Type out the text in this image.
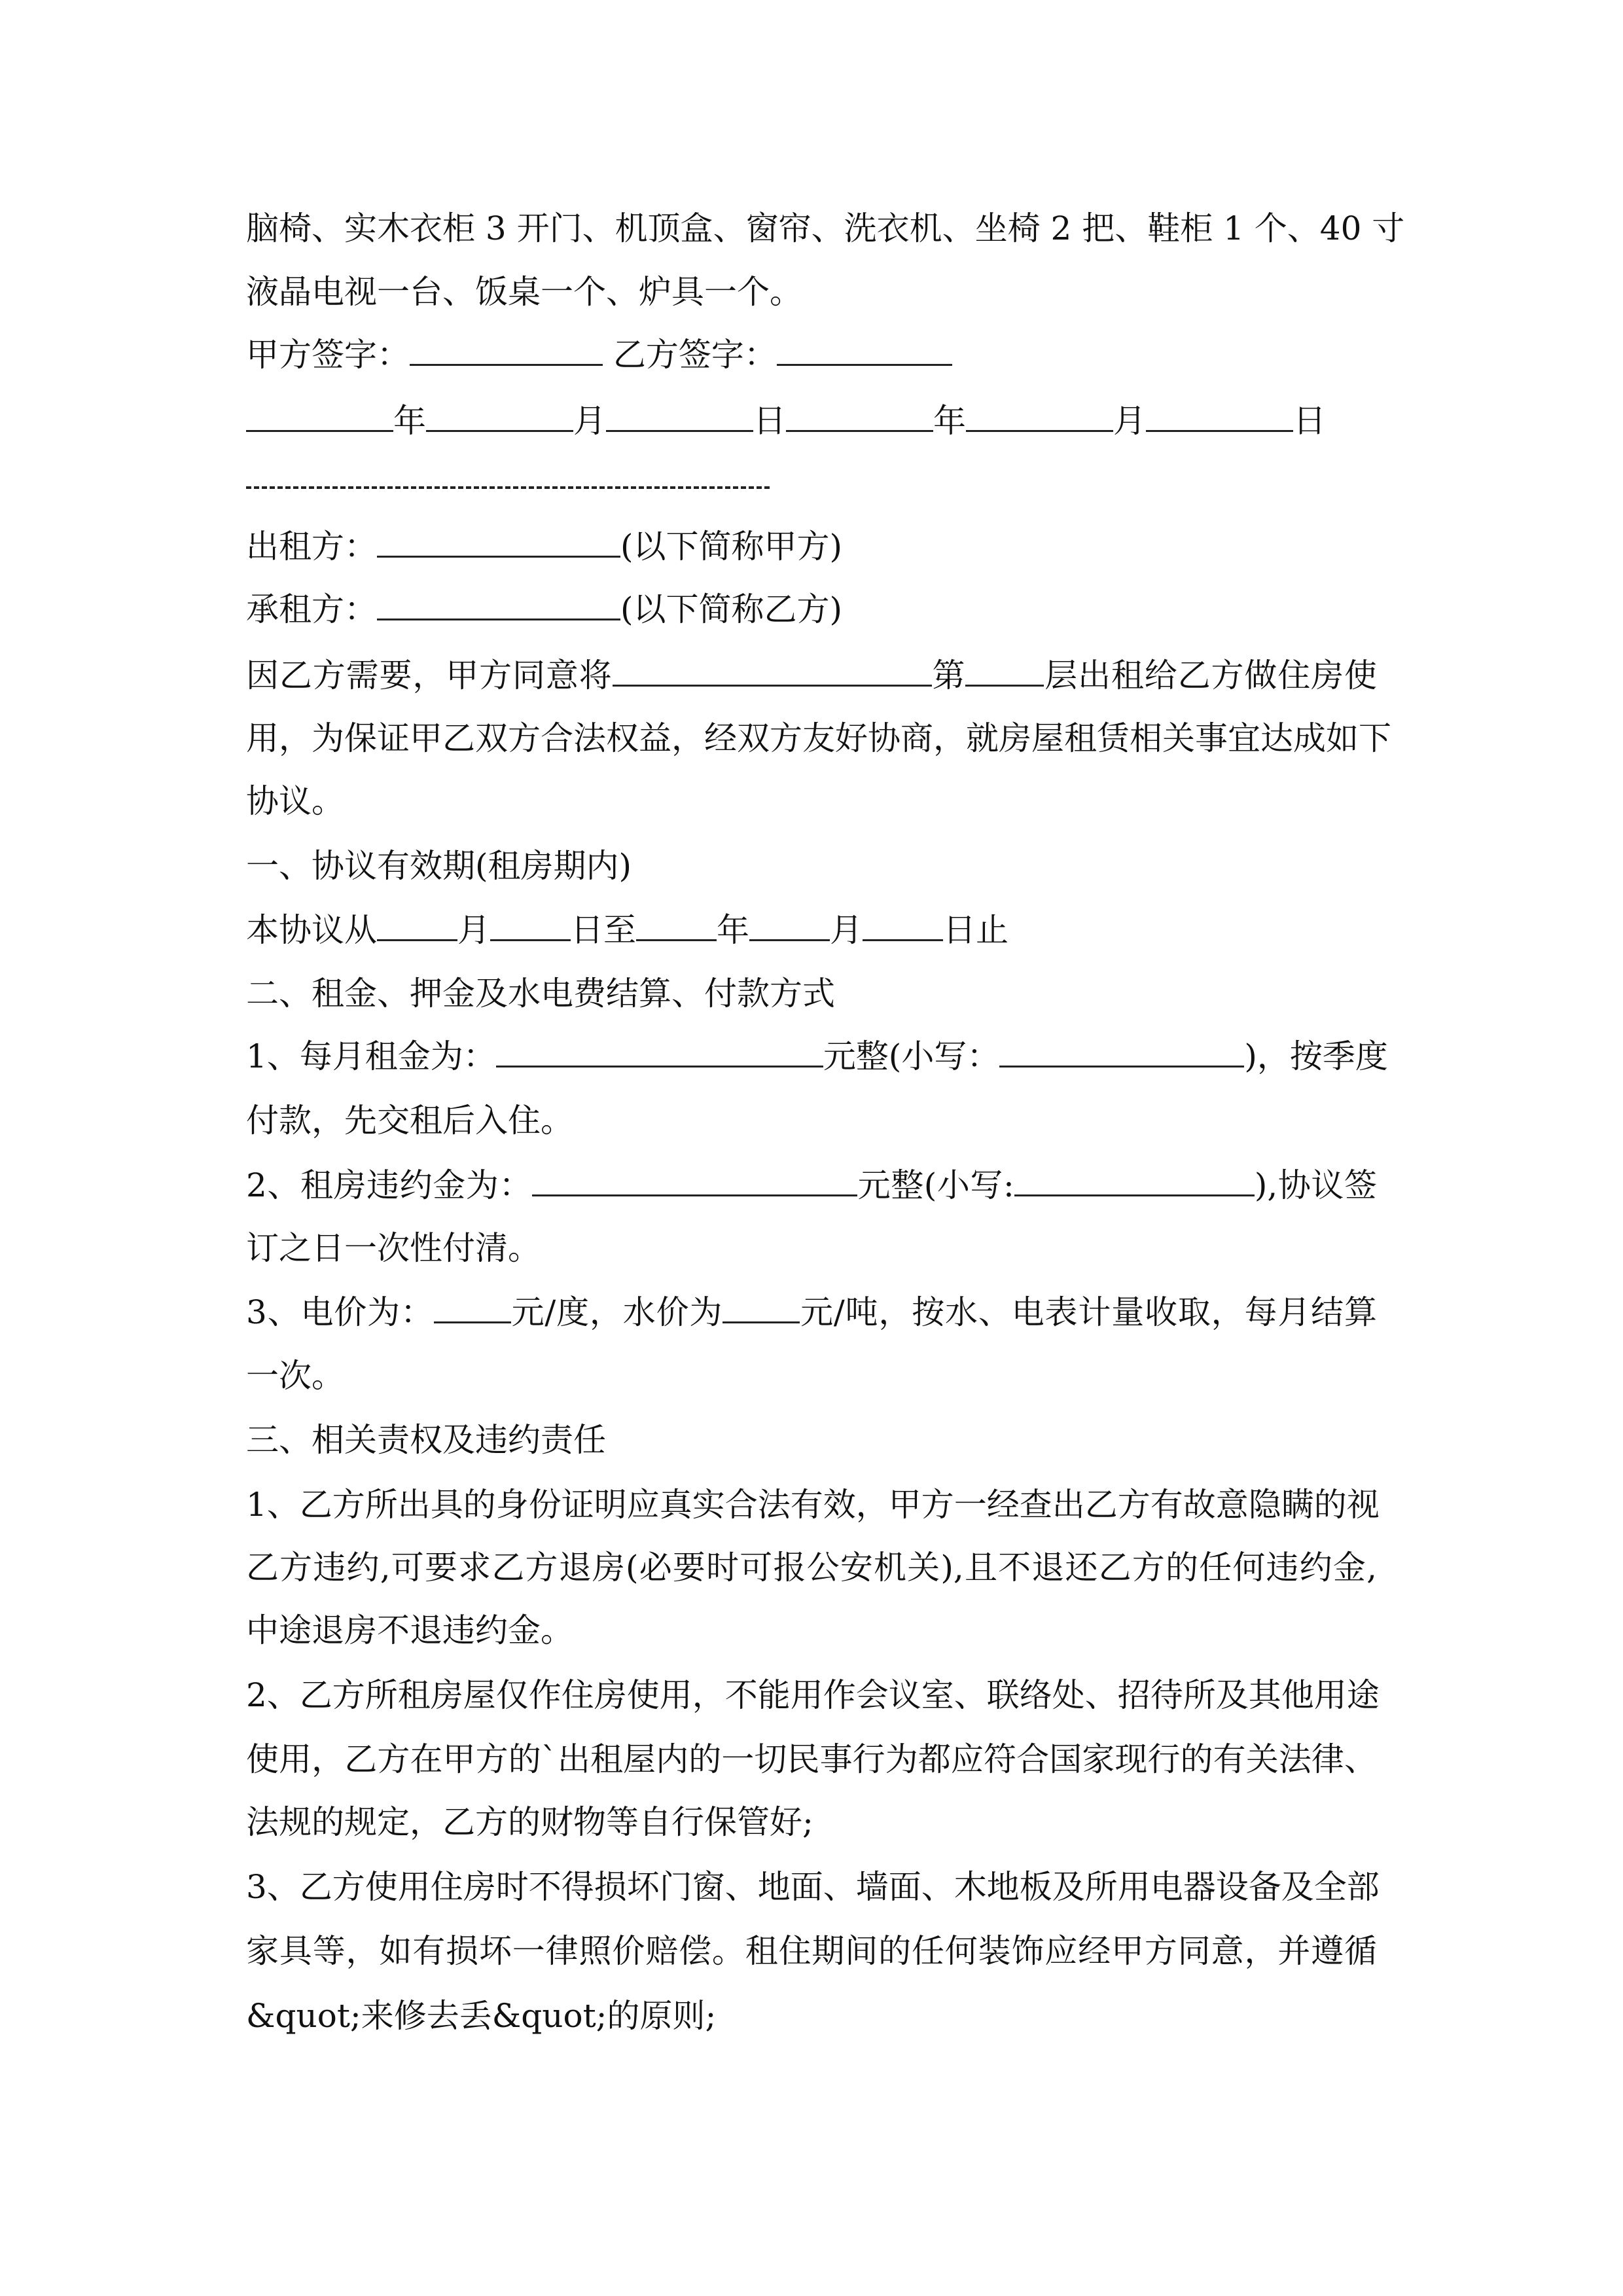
脑椅、实木衣柜 3 开门、机顶盒、窗帘、洗衣机、坐椅 2 把、鞋柜 1 个、40 寸
液晶电视一台、饭桌一个、炉具一个。
甲方签字：	乙方签字：
年	月	日	年	月	日
出租方：	(以下简称甲方)
承租方：	(以下简称乙方)
因乙方需要，甲方同意将	第 层出租给乙方做住房使
用，为保证甲乙双方合法权益，经双方友好协商，就房屋租赁相关事宜达成如下
协议。
一、协议有效期(租房期内)
本协议从 月 日至 年 月 日止
二、租金、押金及水电费结算、付款方式
1、每月租金为：	元整(小写：	)，按季度
付款，先交租后入住。
2、租房违约金为：	元整(小写:	),协议签
订之日一次性付清。
3、电价为： 元/度，水价为 元/吨，按水、电表计量收取，每月结算
一次。
三、相关责权及违约责任
1、乙方所出具的身份证明应真实合法有效，甲方一经查出乙方有故意隐瞒的视
乙方违约,可要求乙方退房(必要时可报公安机关),且不退还乙方的任何违约金,
中途退房不退违约金。
2、乙方所租房屋仅作住房使用，不能用作会议室、联络处、招待所及其他用途
使用，乙方在甲方的`出租屋内的一切民事行为都应符合国家现行的有关法律、
法规的规定，乙方的财物等自行保管好;
3、乙方使用住房时不得损坏门窗、地面、墙面、木地板及所用电器设备及全部
家具等，如有损坏一律照价赔偿。租住期间的任何装饰应经甲方同意，并遵循
&quot;来修去丢&quot;的原则;
